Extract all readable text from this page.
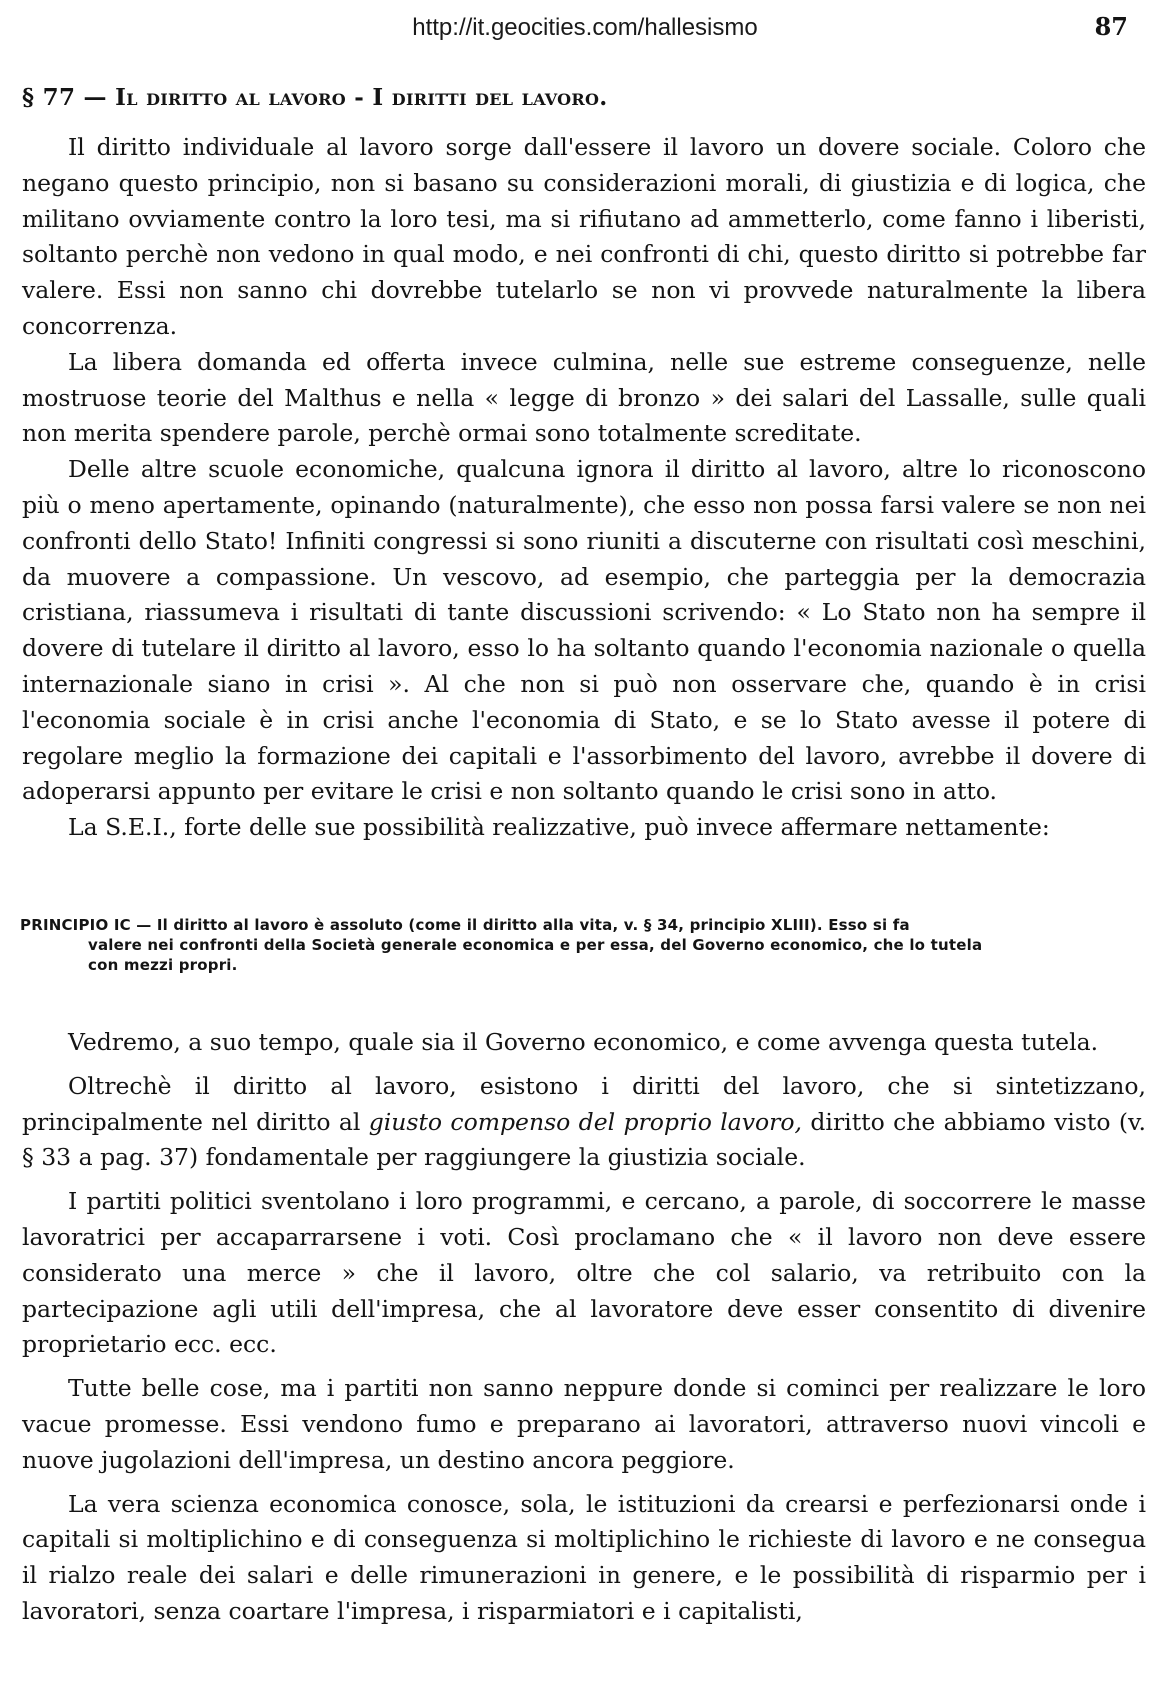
http://it.geocities.com/hallesismo	87
§ 77 — Il diritto al lavoro - I diritti del lavoro.

Il diritto individuale al lavoro sorge dall'essere il lavoro un dovere sociale. Coloro che negano questo principio, non si basano su considerazioni morali, di giustizia e di logica, che militano ovviamente contro la loro tesi, ma si rifiutano ad ammetterlo, come fanno i liberisti, soltanto perchè non vedono in qual modo, e nei confronti di chi, questo diritto si potrebbe far valere. Essi non sanno chi dovrebbe tutelarlo se non vi provvede naturalmente la libera concorrenza.

La libera domanda ed offerta invece culmina, nelle sue estreme conseguenze, nelle mostruose teorie del Malthus e nella « legge di bronzo » dei salari del Lassalle, sulle quali non merita spendere parole, perchè ormai sono totalmente screditate.

Delle altre scuole economiche, qualcuna ignora il diritto al lavoro, altre lo riconoscono più o meno apertamente, opinando (naturalmente), che esso non possa farsi valere se non nei confronti dello Stato! Infiniti congressi si sono riuniti a discuterne con risultati così meschini, da muovere a compassione. Un vescovo, ad esempio, che parteggia per la democrazia cristiana, riassumeva i risultati di tante discussioni scrivendo: « Lo Stato non ha sempre il dovere di tutelare il diritto al lavoro, esso lo ha soltanto quando l'economia nazionale o quella internazionale siano in crisi ». Al che non si può non osservare che, quando è in crisi l'economia sociale è in crisi anche l'economia di Stato, e se lo Stato avesse il potere di regolare meglio la formazione dei capitali e l'assorbimento del lavoro, avrebbe il dovere di adoperarsi appunto per evitare le crisi e non soltanto quando le crisi sono in atto.

La S.E.I., forte delle sue possibilità realizzative, può invece affermare nettamente:

PRINCIPIO IC — Il diritto al lavoro è assoluto (come il diritto alla vita, v. § 34, principio XLIII). Esso si fa
valere nei confronti della Società generale economica e per essa, del Governo economico, che lo tutela
con mezzi propri.

Vedremo, a suo tempo, quale sia il Governo economico, e come avvenga questa tutela.

Oltrechè il diritto al lavoro, esistono i diritti del lavoro, che si sintetizzano, principalmente nel diritto al giusto compenso del proprio lavoro, diritto che abbiamo visto (v. § 33 a pag. 37) fondamentale per raggiungere la giustizia sociale.

I partiti politici sventolano i loro programmi, e cercano, a parole, di soccorrere le masse lavoratrici per accaparrarsene i voti. Così proclamano che « il lavoro non deve essere considerato una merce » che il lavoro, oltre che col salario, va retribuito con la partecipazione agli utili dell'impresa, che al lavoratore deve esser consentito di divenire proprietario ecc. ecc.

Tutte belle cose, ma i partiti non sanno neppure donde si cominci per realizzare le loro vacue promesse. Essi vendono fumo e preparano ai lavoratori, attraverso nuovi vincoli e nuove jugolazioni dell'impresa, un destino ancora peggiore.

La vera scienza economica conosce, sola, le istituzioni da crearsi e perfezionarsi onde i capitali si moltiplichino e di conseguenza si moltiplichino le richieste di lavoro e ne consegua il rialzo reale dei salari e delle rimunerazioni in genere, e le possibilità di risparmio per i lavoratori, senza coartare l'impresa, i risparmiatori e i capitalisti,
